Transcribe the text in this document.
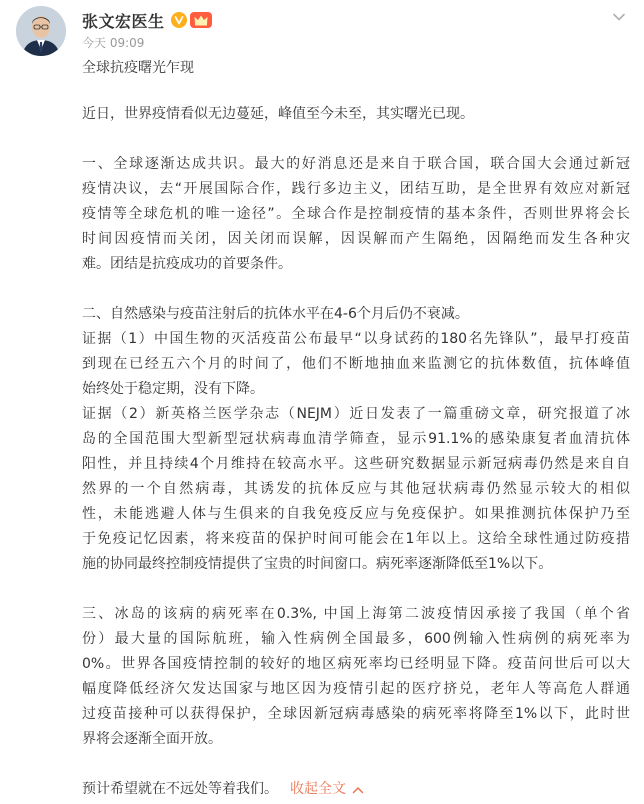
张文宏医生
今天 09:09

全球抗疫曙光乍现

近日，世界疫情看似无边蔓延，峰值至今未至，其实曙光已现。

一、全球逐渐达成共识。最大的好消息还是来自于联合国，联合国大会通过新冠
疫情决议，去“开展国际合作，践行多边主义，团结互助，是全世界有效应对新冠
疫情等全球危机的唯一途径”。全球合作是控制疫情的基本条件，否则世界将会长
时间因疫情而关闭，因关闭而误解，因误解而产生隔绝，因隔绝而发生各种灾
难。团结是抗疫成功的首要条件。
二、自然感染与疫苗注射后的抗体水平在4-6个月后仍不衰减。
证据（1）中国生物的灭活疫苗公布最早“以身试药的180名先锋队”，最早打疫苗
到现在已经五六个月的时间了，他们不断地抽血来监测它的抗体数值，抗体峰值
始终处于稳定期，没有下降。
证据（2）新英格兰医学杂志（NEJM）近日发表了一篇重磅文章，研究报道了冰
岛的全国范围大型新型冠状病毒血清学筛查，显示91.1%的感染康复者血清抗体
阳性，并且持续4个月维持在较高水平。这些研究数据显示新冠病毒仍然是来自自
然界的一个自然病毒，其诱发的抗体反应与其他冠状病毒仍然显示较大的相似
性，未能逃避人体与生俱来的自我免疫反应与免疫保护。如果推测抗体保护乃至
于免疫记忆因素，将来疫苗的保护时间可能会在1年以上。这给全球性通过防疫措
施的协同最终控制疫情提供了宝贵的时间窗口。病死率逐渐降低至1%以下。
三、冰岛的该病的病死率在0.3%, 中国上海第二波疫情因承接了我国（单个省
份）最大量的国际航班，输入性病例全国最多，600例输入性病例的病死率为
0%。世界各国疫情控制的较好的地区病死率均已经明显下降。疫苗问世后可以大
幅度降低经济欠发达国家与地区因为疫情引起的医疗挤兑，老年人等高危人群通
过疫苗接种可以获得保护，全球因新冠病毒感染的病死率将降至1%以下，此时世
界将会逐渐全面开放。
预计希望就在不远处等着我们。 收起全文
